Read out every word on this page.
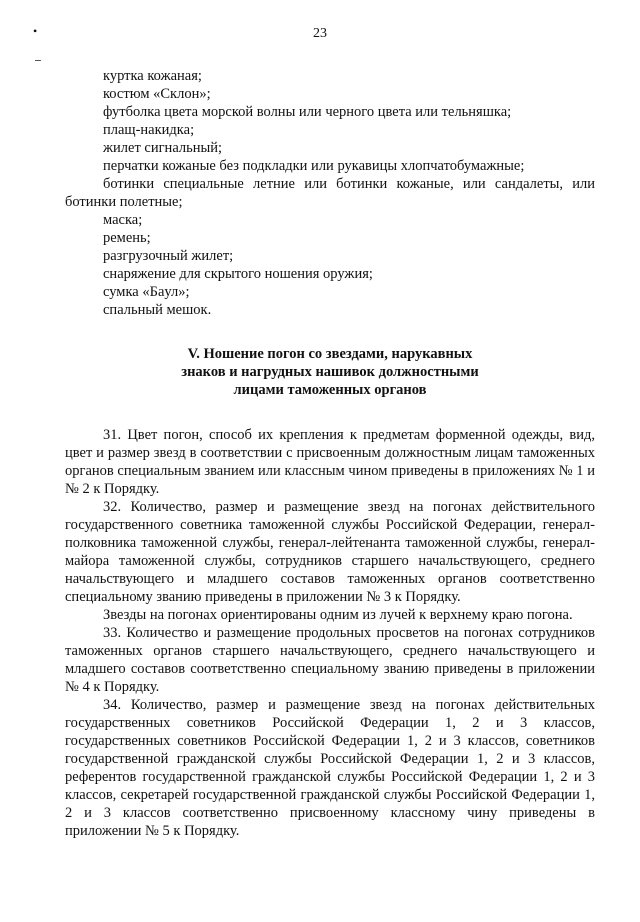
•	23
куртка кожаная;
костюм «Склон»;
футболка цвета морской волны или черного цвета или тельняшка;
плащ-накидка;
жилет сигнальный;
перчатки кожаные без подкладки или рукавицы хлопчатобумажные;
ботинки специальные летние или ботинки кожаные, или сандалеты, или ботинки полетные;
маска;
ремень;
разгрузочный жилет;
снаряжение для скрытого ношения оружия;
сумка «Бaул»;
спальный мешок.
V. Ношение погон со звездами, нарукавных
знаков и нагрудных нашивок должностными
лицами таможенных органов

31. Цвет погон, способ их крепления к предметам форменной одежды, вид, цвет и размер звезд в соответствии с присвоенным должностным лицам таможенных органов специальным званием или классным чином приведены в приложениях № 1 и № 2 к Порядку.

32. Количество, размер и размещение звезд на погонах действительного государственного советника таможенной службы Российской Федерации, генерал-полковника таможенной службы, генерал-лейтенанта таможенной службы, генерал-майора таможенной службы, сотрудников старшего начальствующего, среднего начальствующего и младшего составов таможенных органов соответственно специальному званию приведены в приложении № 3 к Порядку.

Звезды на погонах ориентированы одним из лучей к верхнему краю погона.

33. Количество и размещение продольных просветов на погонах сотрудников таможенных органов старшего начальствующего, среднего начальствующего и младшего составов соответственно специальному званию приведены в приложении № 4 к Порядку.

34. Количество, размер и размещение звезд на погонах действительных государственных советников Российской Федерации 1, 2 и 3 классов, государственных советников Российской Федерации 1, 2 и 3 классов, советников государственной гражданской службы Российской Федерации 1, 2 и 3 классов, референтов государственной гражданской службы Российской Федерации 1, 2 и 3 классов, секретарей государственной гражданской службы Российской Федерации 1, 2 и 3 классов соответственно присвоенному классному чину приведены в приложении № 5 к Порядку.
